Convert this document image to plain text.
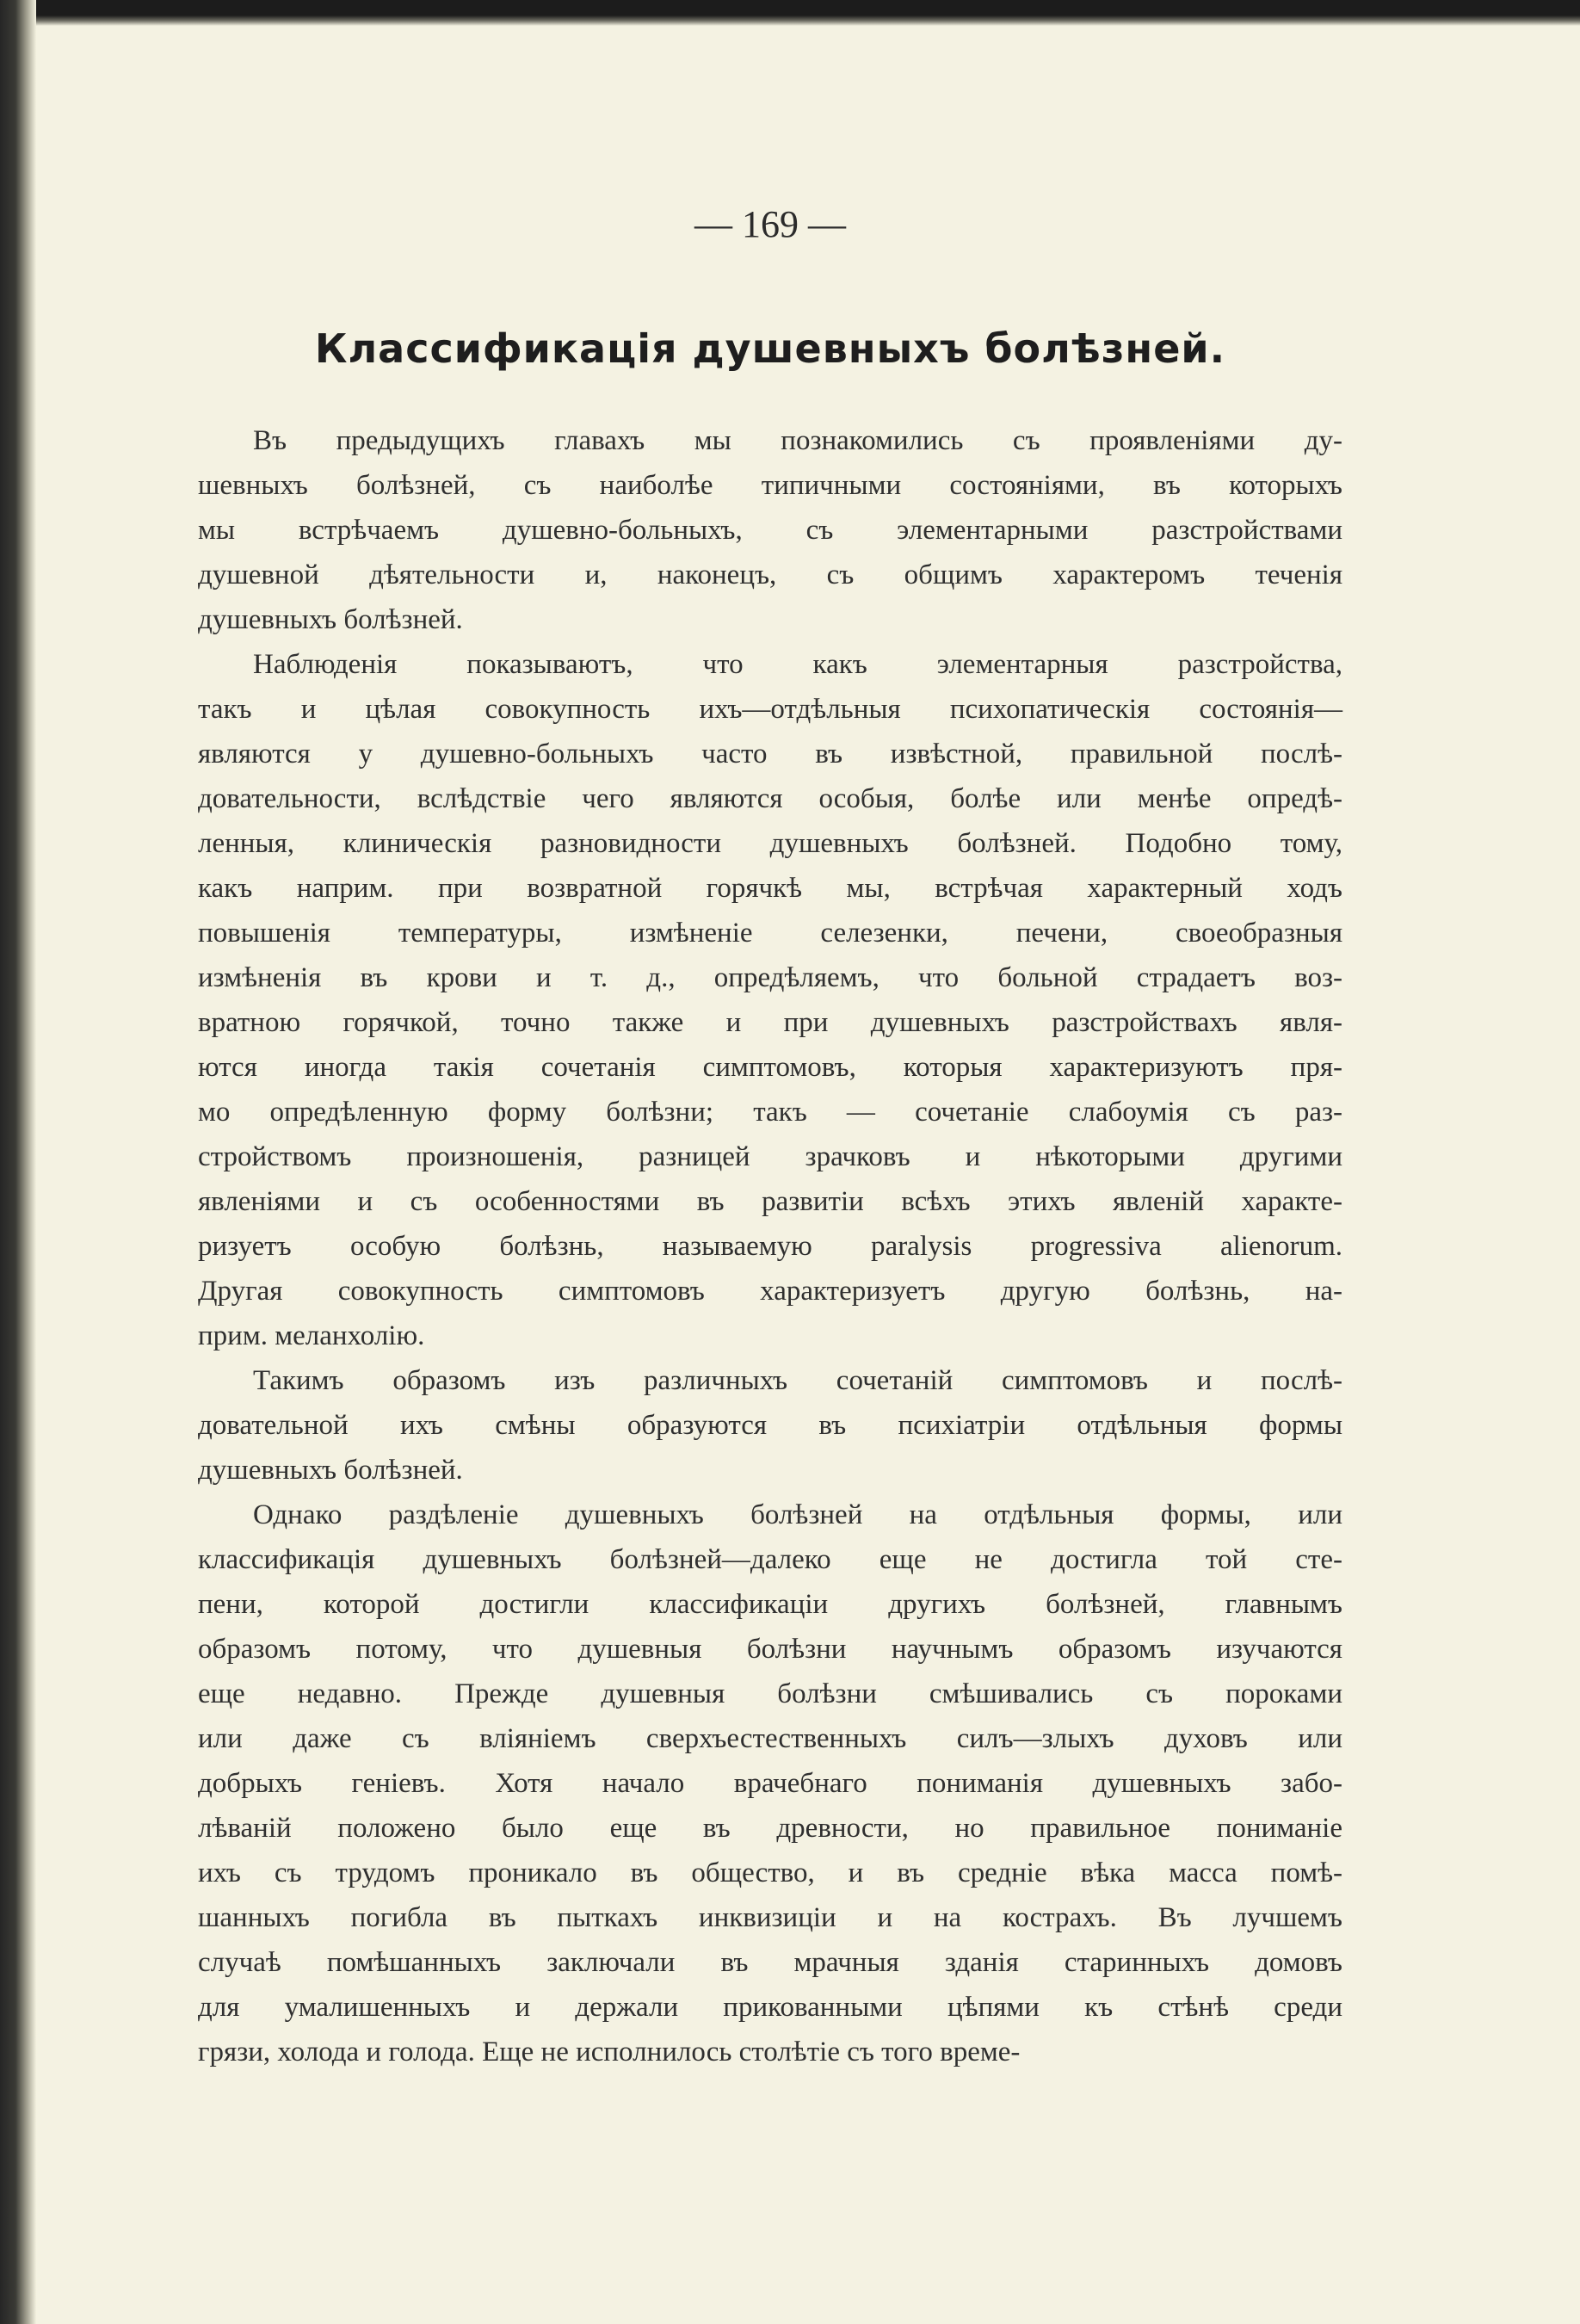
— 169 —

Классификація душевныхъ болѣзней.

Въ предыдущихъ главахъ мы познакомились съ проявленіями ду-
шевныхъ болѣзней, съ наиболѣе типичными состояніями, въ которыхъ
мы встрѣчаемъ душевно-больныхъ, съ элементарными разстройствами
душевной дѣятельности и, наконецъ, съ общимъ характеромъ теченія
душевныхъ болѣзней.

Наблюденія показываютъ, что какъ элементарныя разстройства,
такъ и цѣлая совокупность ихъ—отдѣльныя психопатическія состоянія—
являются у душевно-больныхъ часто въ извѣстной, правильной послѣ-
довательности, вслѣдствіе чего являются особыя, болѣе или менѣе опредѣ-
ленныя, клиническія разновидности душевныхъ болѣзней. Подобно тому,
какъ наприм. при возвратной горячкѣ мы, встрѣчая характерный ходъ
повышенія температуры, измѣненіе селезенки, печени, своеобразныя
измѣненія въ крови и т. д., опредѣляемъ, что больной страдаетъ воз-
вратною горячкой, точно также и при душевныхъ разстройствахъ явля-
ются иногда такія сочетанія симптомовъ, которыя характеризуютъ пря-
мо опредѣленную форму болѣзни; такъ — сочетаніе слабоумія съ раз-
стройствомъ произношенія, разницей зрачковъ и нѣкоторыми другими
явленіями и съ особенностями въ развитіи всѣхъ этихъ явленій характе-
ризуетъ особую болѣзнь, называемую paralysis progressiva alienorum.
Другая совокупность симптомовъ характеризуетъ другую болѣзнь, на-
прим. меланхолію.

Такимъ образомъ изъ различныхъ сочетаній симптомовъ и послѣ-
довательной ихъ смѣны образуются въ психіатріи отдѣльныя формы
душевныхъ болѣзней.

Однако раздѣленіе душевныхъ болѣзней на отдѣльныя формы, или
классификація душевныхъ болѣзней—далеко еще не достигла той сте-
пени, которой достигли классификаціи другихъ болѣзней, главнымъ
образомъ потому, что душевныя болѣзни научнымъ образомъ изучаются
еще недавно. Прежде душевныя болѣзни смѣшивались съ пороками
или даже съ вліяніемъ сверхъестественныхъ силъ—злыхъ духовъ или
добрыхъ геніевъ. Хотя начало врачебнаго пониманія душевныхъ забо-
лѣваній положено было еще въ древности, но правильное пониманіе
ихъ съ трудомъ проникало въ общество, и въ средніе вѣка масса помѣ-
шанныхъ погибла въ пыткахъ инквизиціи и на кострахъ. Въ лучшемъ
случаѣ помѣшанныхъ заключали въ мрачныя зданія старинныхъ домовъ
для умалишенныхъ и держали прикованными цѣпями къ стѣнѣ среди
грязи, холода и голода. Еще не исполнилось столѣтіе съ того време-
